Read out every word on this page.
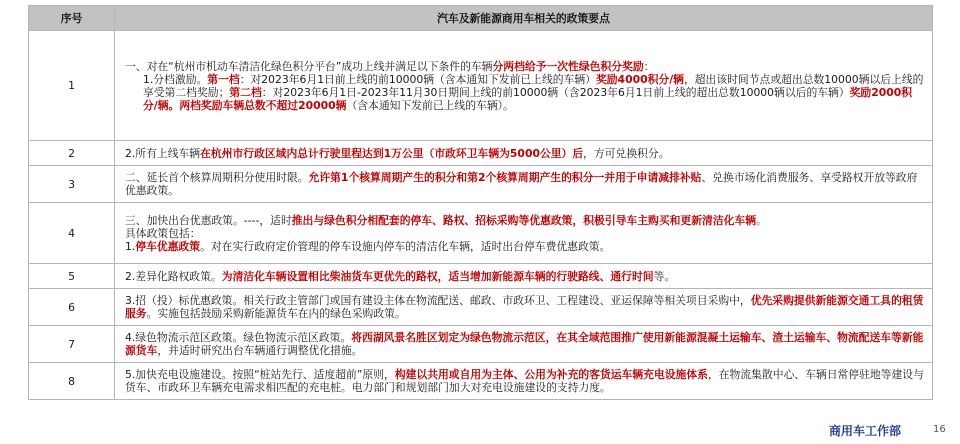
序号	汽车及新能源商用车相关的政策要点
1	一、对在“杭州市机动车清洁化绿色积分平台”成功上线并满足以下条件的车辆分两档给予一次性绿色积分奖励：
1.分档激励。第一档：对2023年6月1日前上线的前10000辆（含本通知下发前已上线的车辆）奖励4000积分/辆，超出该时间节点或超出总数10000辆以后上线的享受第二档奖励；第二档：对2023年6月1日-2023年11月30日期间上线的前10000辆（含2023年6月1日前上线的超出总数10000辆以后的车辆）奖励2000积分/辆。两档奖励车辆总数不超过20000辆（含本通知下发前已上线的车辆）。

2	2.所有上线车辆在杭州市行政区域内总计行驶里程达到1万公里（市政环卫车辆为5000公里）后，方可兑换积分。

3	二、延长首个核算周期积分使用时限。允许第1个核算周期产生的积分和第2个核算周期产生的积分一并用于申请减排补贴、兑换市场化消费服务、享受路权开放等政府优惠政策。

4	三、加快出台优惠政策。----，适时推出与绿色积分相配套的停车、路权、招标采购等优惠政策，积极引导车主购买和更新清洁化车辆。
具体政策包括：
1.停车优惠政策。对在实行政府定价管理的停车设施内停车的清洁化车辆，适时出台停车费优惠政策。

5	2.差异化路权政策。为清洁化车辆设置相比柴油货车更优先的路权，适当增加新能源车辆的行驶路线、通行时间等。

6	3.招（投）标优惠政策。相关行政主管部门或国有建设主体在物流配送、邮政、市政环卫、工程建设、亚运保障等相关项目采购中，优先采购提供新能源交通工具的租赁服务。实施包括鼓励采购新能源货车在内的绿色采购政策。

7	4.绿色物流示范区政策。绿色物流示范区政策。将西湖风景名胜区划定为绿色物流示范区，在其全域范围推广使用新能源混凝土运输车、渣土运输车、物流配送车等新能源货车，并适时研究出台车辆通行调整优化措施。

8	5.加快充电设施建设。按照“桩站先行、适度超前”原则，构建以共用或自用为主体、公用为补充的客货运车辆充电设施体系，在物流集散中心、车辆日常停驻地等建设与货车、市政环卫车辆充电需求相匹配的充电桩。电力部门和规划部门加大对充电设施建设的支持力度。
商用车工作部	16
